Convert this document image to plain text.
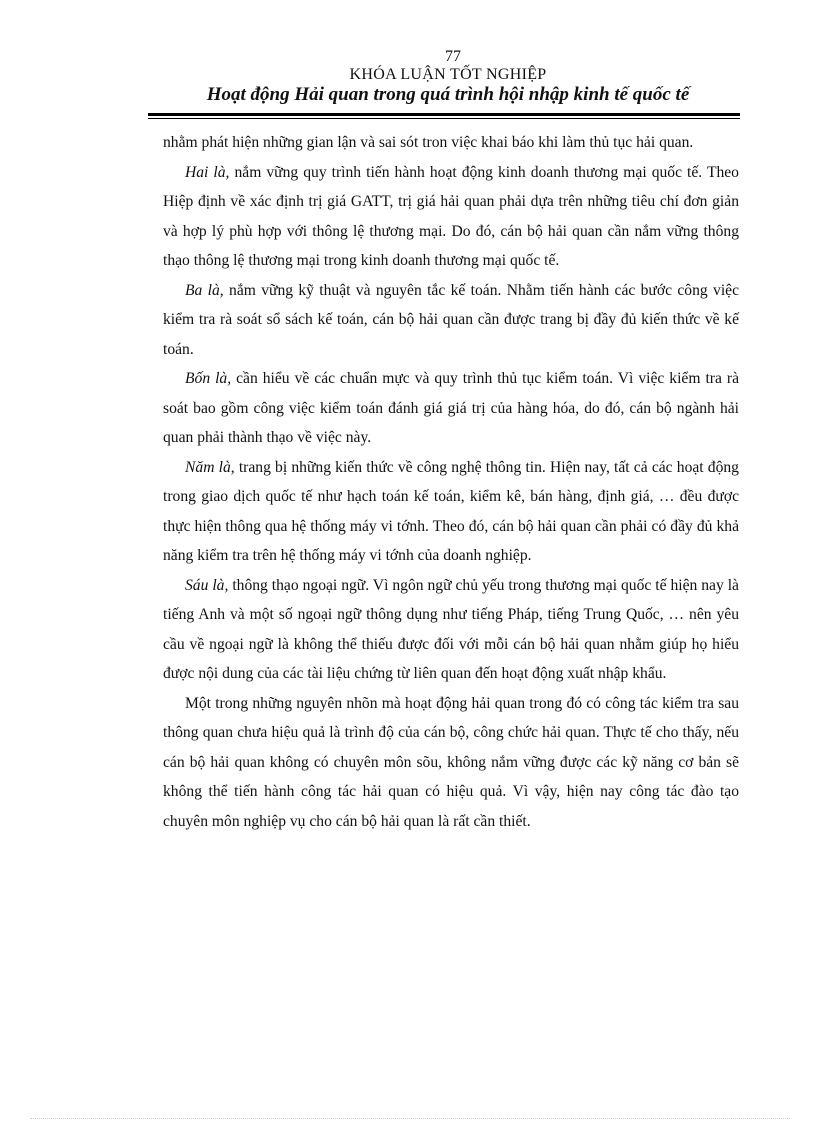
77
KHÓA LUẬN TỐT NGHIỆP
Hoạt động Hải quan trong quá trình hội nhập kinh tế quốc tế

nhằm phát hiện những gian lận và sai sót tron việc khai báo khi làm thủ tục hải quan.

Hai là, nắm vững quy trình tiến hành hoạt động kinh doanh thương mại quốc tế. Theo Hiệp định về xác định trị giá GATT, trị giá hải quan phải dựa trên những tiêu chí đơn giản và hợp lý phù hợp với thông lệ thương mại. Do đó, cán bộ hải quan cần nắm vững thông thạo thông lệ thương mại trong kinh doanh thương mại quốc tế.

Ba là, nắm vững kỹ thuật và nguyên tắc kế toán. Nhằm tiến hành các bước công việc kiểm tra rà soát sổ sách kế toán, cán bộ hải quan cần được trang bị đầy đủ kiến thức về kế toán.

Bốn là, cần hiểu về các chuẩn mực và quy trình thủ tục kiểm toán. Vì việc kiểm tra rà soát bao gồm công việc kiểm toán đánh giá giá trị của hàng hóa, do đó, cán bộ ngành hải quan phải thành thạo về việc này.

Năm là, trang bị những kiến thức về công nghệ thông tin. Hiện nay, tất cả các hoạt động trong giao dịch quốc tế như hạch toán kế toán, kiểm kê, bán hàng, định giá, … đều được thực hiện thông qua hệ thống máy vi tớnh. Theo đó, cán bộ hải quan cần phải có đầy đủ khả năng kiểm tra trên hệ thống máy vi tớnh của doanh nghiệp.

Sáu là, thông thạo ngoại ngữ. Vì ngôn ngữ chủ yếu trong thương mại quốc tế hiện nay là tiếng Anh và một số ngoại ngữ thông dụng như tiếng Pháp, tiếng Trung Quốc, … nên yêu cầu về ngoại ngữ là không thể thiếu được đối với mỗi cán bộ hải quan nhằm giúp họ hiểu được nội dung của các tài liệu chứng từ liên quan đến hoạt động xuất nhập khẩu.

Một trong những nguyên nhõn mà hoạt động hải quan trong đó có công tác kiểm tra sau thông quan chưa hiệu quả là trình độ của cán bộ, công chức hải quan. Thực tế cho thấy, nếu cán bộ hải quan không có chuyên môn sõu, không nắm vững được các kỹ năng cơ bản sẽ không thể tiến hành công tác hải quan có hiệu quả. Vì vậy, hiện nay công tác đào tạo chuyên môn nghiệp vụ cho cán bộ hải quan là rất cần thiết.
